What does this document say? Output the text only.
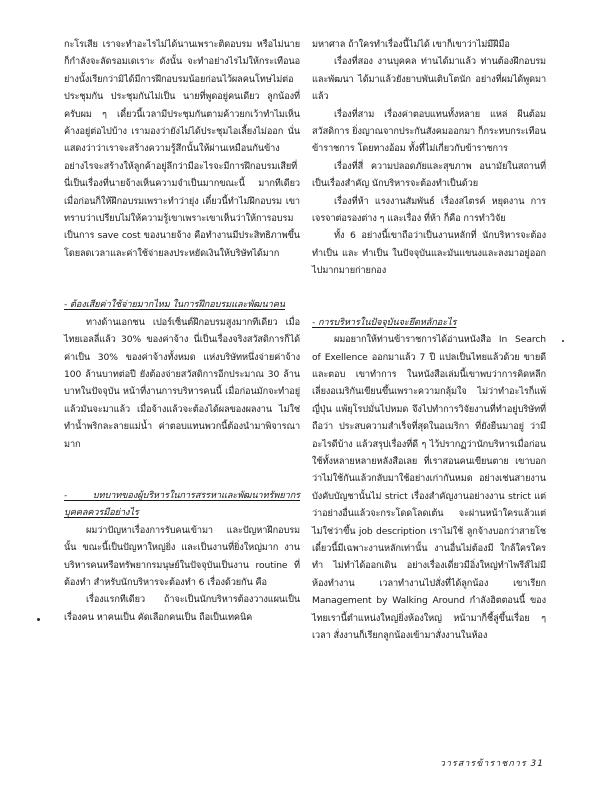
กะโรเสีย เราจะทำอะไรไม่ได้นานเพราะติดอบรม หรือไม่นายก็กำลังจะลัดรอมเดเราะ ดังนั้น จะทำอย่างไรไม่ให้กระเทือนอย่างนั้งเรียกว่ามิได้มีการฝึกอบรมน้อยก่อนไว้ผลคนโทษไม่ต่อประชุมกัน ประชุมกันไม่เป็น นายที่พูดอยู่คนเดียว ลูกน้องที่ครับผม ๆ เดี๋ยวนี้เวลามีประชุมกันตามค้าวยกเว้าทำไมเห็นค้างอยู่ต่อไปบ้าง เรามองว่ายังไม่ได้ประชุมไอเลี้ยงไม่ออก นั่นแสดงว่าว่าเราจะสร้างความรู้สึกนั้นให้ผ่านเหมือนกันข้างอย่างไรจะสร้างให้ลูกค้าอยู่ลึกว่ามีอะไรจะมีการฝึกอบรมเสียที่ นี่เป็นเรื่องที่นายจ้างเห็นความจำเป็นมากขณะนี้ มากทีเดียว เมื่อก่อนก็ให้ฝึกอบรมเพราะทำว่ายุ่ง เดี๋ยวนี้ทำไม่ฝึกอบรม เขาทราบว่าเปรียบไม่ให้ความรู้เขาเพราะเขาเห็นว่าให้การอบรม เป็นการ save cost ของนายจ้าง คือทำงานมีประสิทธิภาพขึ้น โดยลดเวลาและค่าใช้จ่ายลงประหยัดเงินให้บริษัทได้มาก
- ต้องเสียค่าใช้จ่ายมากไหม ในการฝึกอบรมและพัฒนาคน
ทางด้านเอกชน เปอร์เซ็นต์ฝึกอบรมสูงมากทีเดียว เมื่อไทยเอลลี่แล้ว 30% ของค่าจ้าง นี่เป็นเรื่องจริงสวัสดิการก็ได้ค่าเป็น 30% ของค่าจ้างทั้งหมด แห่งบริษัทหนึ่งจ่ายค่าจ้าง 100 ล้านบาทต่อปี ยังต้องจ่ายสวัสดิการอีกประมาณ 30 ล้านบาทในปัจจุบัน หน้าที่งานการบริหารคนนี้ เมื่อก่อนมักจะทำอยู่แล้วมันจะมาแล้ว เมื่อจ้างแล้วจะต้องได้ผลของผลงาน ไม่ใช่ทำน้ำพริกละลายแม่น้ำ ค่าตอบแทนพวกนี้ต้องนำมาพิจารณามาก
- บทบาทของผู้บริหารในการสรรหาและพัฒนาทรัพยากรบุคคลควรมีอย่างไร
ผมว่าปัญหาเรื่องการรับคนเข้ามา และปัญหาฝึกอบรมนั้น ขณะนี้เป็นปัญหาใหญ่ยิ่ง และเป็นงานที่ยิ่งใหญ่มาก งานบริหารคนหรือทรัพยากรมนุษย์ในปัจจุบันเป็นงาน routine ที่ต้องทำ สำหรับนักบริหารจะต้องทำ 6 เรื่องด้วยกัน คือ
เรื่องแรกทีเดียว ถ้าจะเป็นนักบริหารต้องวางแผนเป็น เรื่องคน หาคนเป็น คัดเลือกคนเป็น ถือเป็นเทคนิค
มหาศาล ถ้าใครทำเรื่องนี้ไม่ได้ เขาก็เขาว่าไม่มีฝีมือ
เรื่องที่สอง งานบุคคล ท่านได้มาแล้ว ท่านต้องฝึกอบรมและพัฒนา ได้มาแล้วยังยาบพันเติบโตนัก อย่างที่ผมได้พูดมาแล้ว
เรื่องที่สาม เรื่องค่าตอบแทนทั้งหลาย แหล่ ผีนต้อมสวัสดิการ ยิ่งญาณจากประกันสังคมออกมา ก็กระทบกระเทือนข้าราชการ โดยทางอ้อม ทั้งที่ไม่เกี่ยวกับข้าราชการ
เรื่องที่สี่ ความปลอดภัยและสุขภาพ อนามัยในสถานที่เป็นเรื่องสำคัญ นักบริหารจะต้องทำเป็นด้วย
เรื่องที่ห้า แรงงานสัมพันธ์ เรื่องสไตรค์ หยุดงาน การเจรจาต่อรองต่าง ๆ และเรื่อง ที่ห้า ก็คือ การทำวิจัย
ทั้ง 6 อย่างนี้เขาถือว่าเป็นงานหลักที่ นักบริหารจะต้อง ทำเป็น และ ทำเป็น ในปัจจุบันและมันแขนงและลงมาอยู่ออกไปมากมายก่ายกอง
- การบริหารในปัจจุบันจะยึดหลักอะไร
ผมอยากให้ท่านข้าราชการได้อ่านหนังสือ In Search of Exellence ออกมาแล้ว 7 ปี แปลเป็นไทยแล้วด้วย ขายดีและตอบ เขาทำการ ในหนังสือเล่มนี้เขาพบว่าการคิดหลีกเลี่ยงอเมริกันเขียนขึ้นเพราะความกลุ้มใจ ไม่ว่าทำอะไรก็แพ้ญี่ปุ่น แพ้ยุโรปมั่นไปหมด จึงไปทำการวิจัยงานที่ทำอยู่บริษัทที่ถือว่า ประสบความสำเร็จที่สุดในอเมริกา ที่ยังยืนมาอยู่ ว่ามีอะไรดีบ้าง แล้วสรุปเรื่องที่ดี ๆ ไว้ปรากฏว่านักบริหารเมื่อก่อนใช้ทั้งหลายหลายหลังสือเลย ที่เราสอนคนเขียนตาย เขาบอกว่าไม่ใช้กันแล้วกลับมาใช้อย่างเก่ากันหมด อย่างเช่นสายงานบังคับบัญชานั้นไม่ strict เรื่องสำคัญงานอย่างงาน strict แต่ว่าอย่างอื่นแล้วจะกระโดดโลดเต้น จะผ่านหน้าใครแล้วแต่ไม่ใช่ว่าขึ้น job description เราไม่ใช้ ลูกจ้างบอกว่าสายโช เดี๋ยวนี้มีเฉพาะงานหลักเท่านั้น งานอื่นไม่ต้องมี ใกล้ใครใครทำ ไม่ทำได้ออกเดิน อย่างเรื่องเดี่ยวมีอิ่งใหญ่ทำไพรีส์ไม่มีห้องทำงาน เวลาทำงานไปสั่งที่ได้ลูกน้อง เขาเรียก Management by Walking Around กำลังฮิตตอนนี้ ของไทยเรานี้ตำแหน่งใหญ่ยิ่งห้องใหญ่ หน้ามาก็ชี้ลู่ขึ้นเรื่อย ๆ เวลา สั่งงานก็เรียกลูกน้องเข้ามาสั่งงานในห้อง
วารสารข้าราชการ 31
